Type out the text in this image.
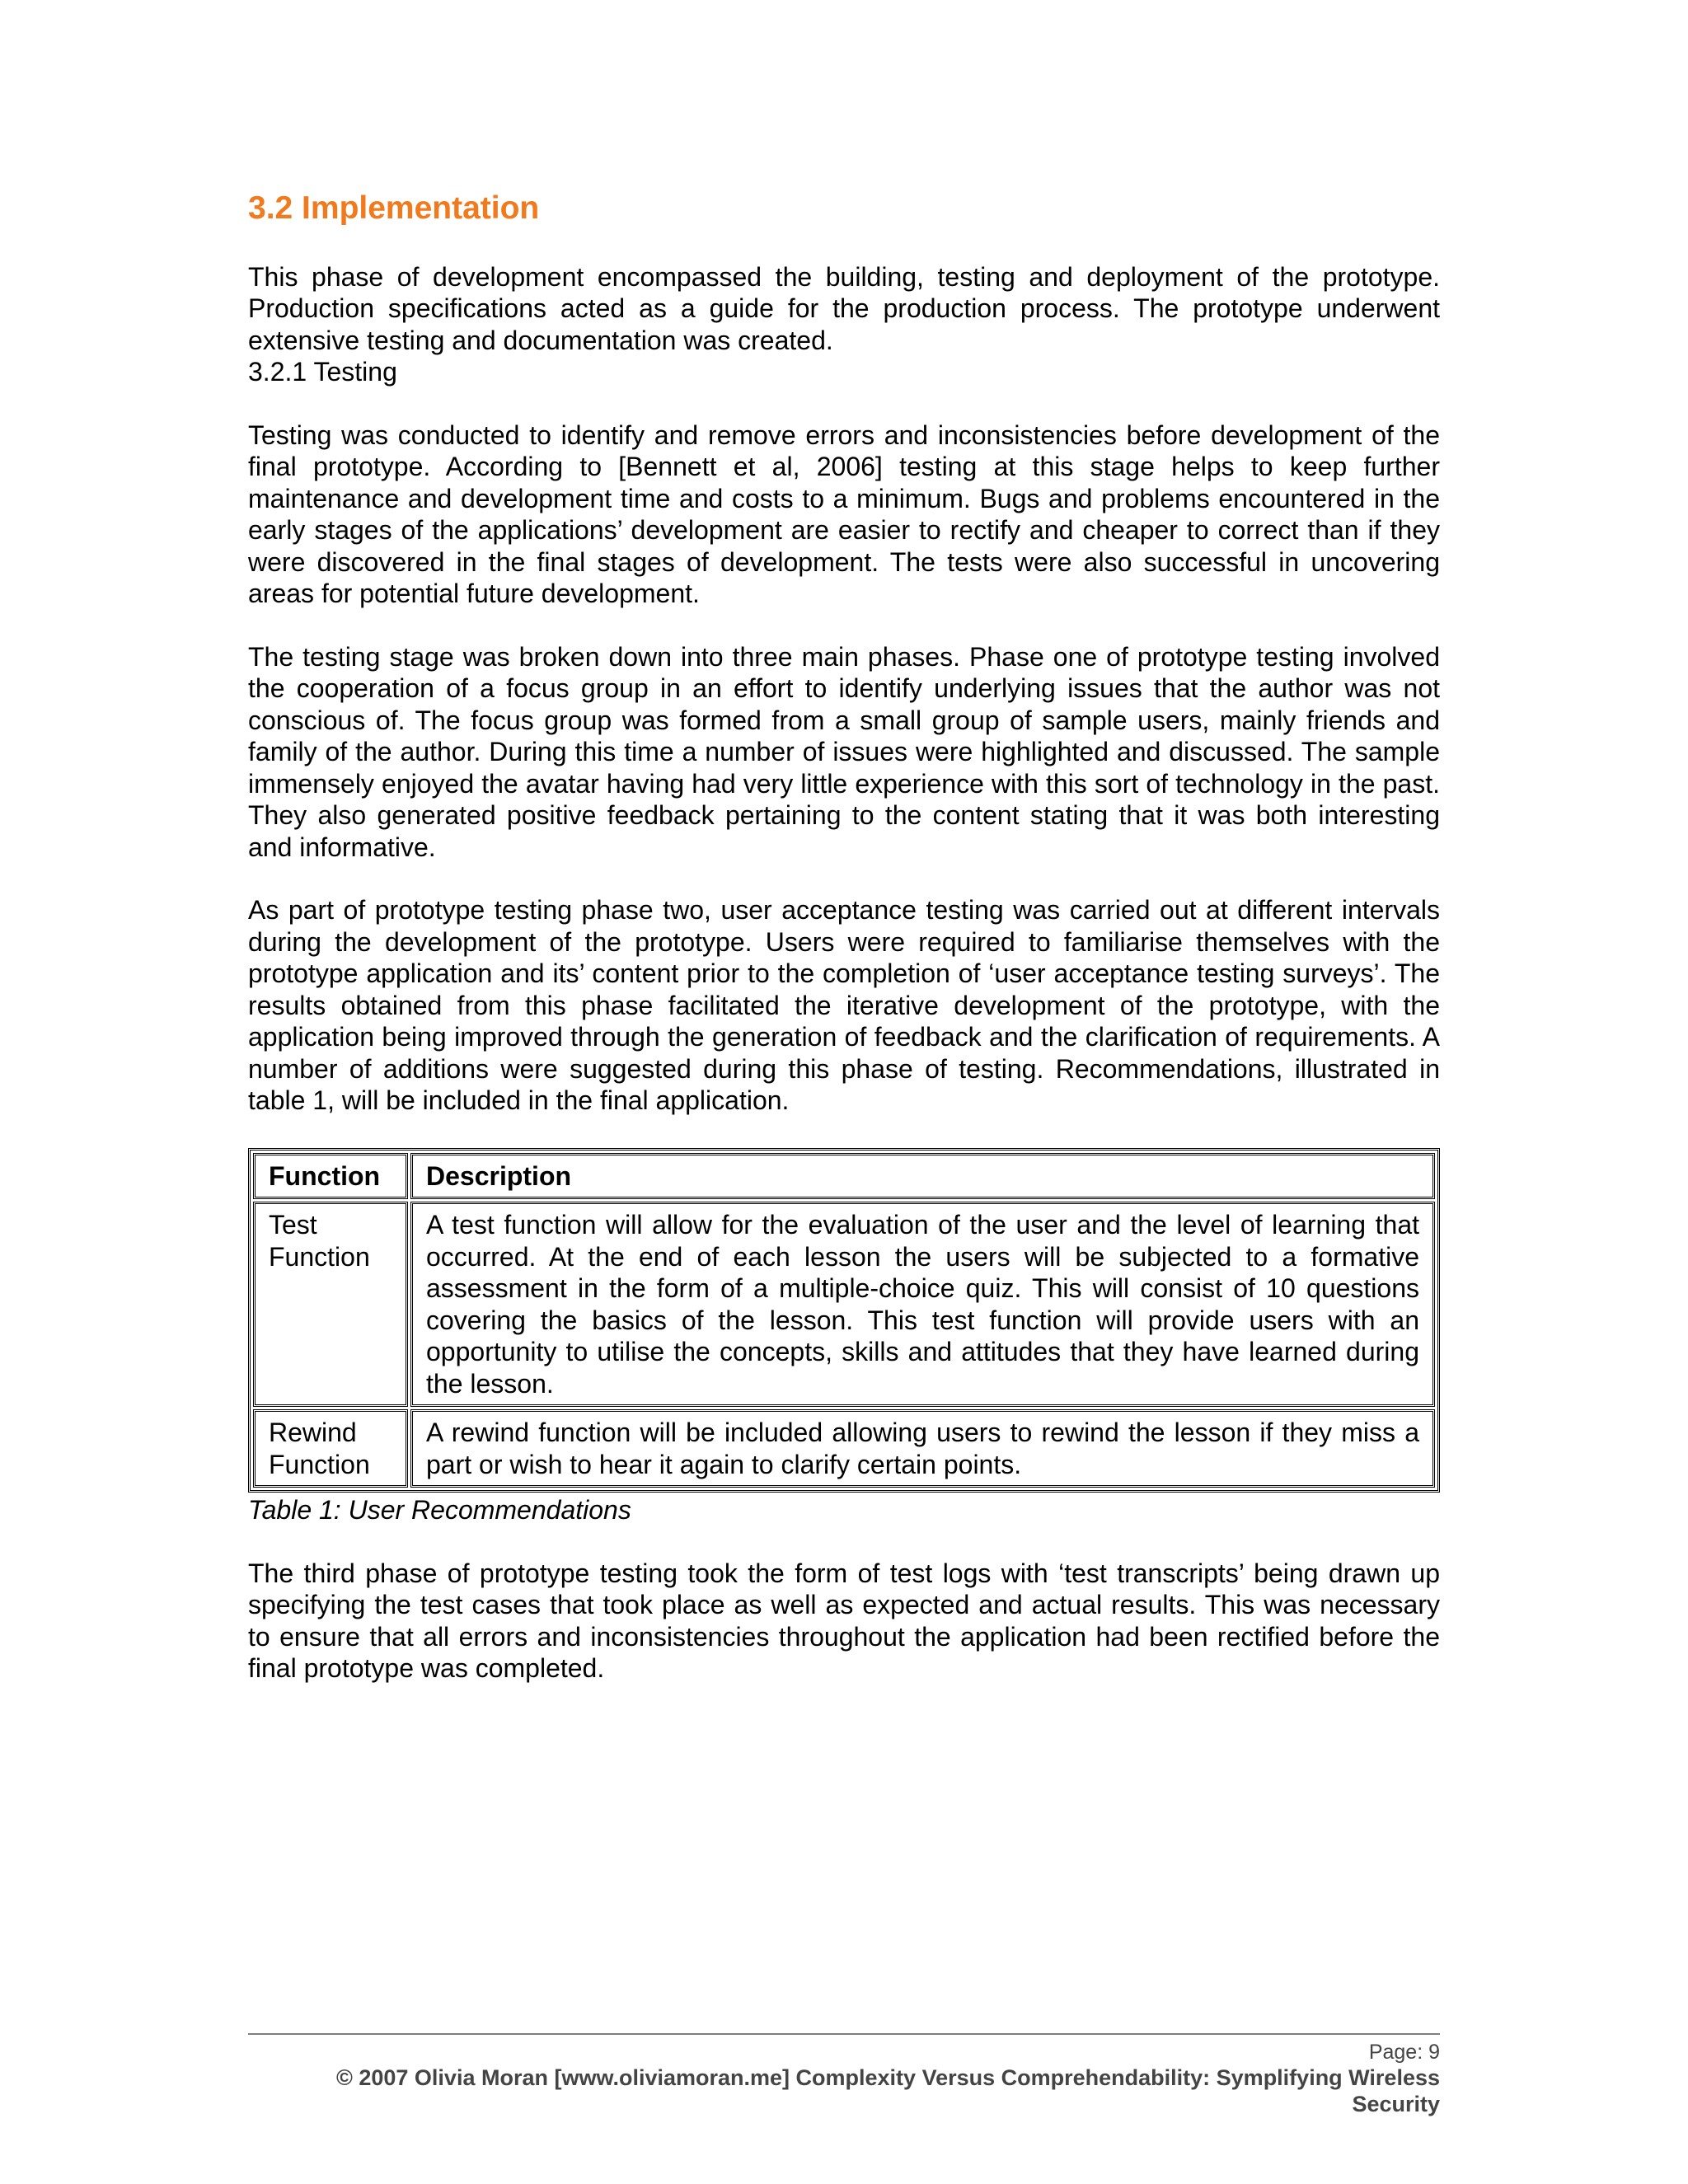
3.2 Implementation

This phase of development encompassed the building, testing and deployment of the prototype. Production specifications acted as a guide for the production process. The prototype underwent extensive testing and documentation was created.

3.2.1 Testing

Testing was conducted to identify and remove errors and inconsistencies before development of the final prototype. According to [Bennett et al, 2006] testing at this stage helps to keep further maintenance and development time and costs to a minimum. Bugs and problems encountered in the early stages of the applications’ development are easier to rectify and cheaper to correct than if they were discovered in the final stages of development. The tests were also successful in uncovering areas for potential future development.

The testing stage was broken down into three main phases. Phase one of prototype testing involved the cooperation of a focus group in an effort to identify underlying issues that the author was not conscious of. The focus group was formed from a small group of sample users, mainly friends and family of the author. During this time a number of issues were highlighted and discussed. The sample immensely enjoyed the avatar having had very little experience with this sort of technology in the past. They also generated positive feedback pertaining to the content stating that it was both interesting and informative.

As part of prototype testing phase two, user acceptance testing was carried out at different intervals during the development of the prototype. Users were required to familiarise themselves with the prototype application and its’ content prior to the completion of ‘user acceptance testing surveys’. The results obtained from this phase facilitated the iterative development of the prototype, with the application being improved through the generation of feedback and the clarification of requirements. A number of additions were suggested during this phase of testing. Recommendations, illustrated in table 1, will be included in the final application.

Function	Description
Test Function	A test function will allow for the evaluation of the user and the level of learning that occurred. At the end of each lesson the users will be subjected to a formative assessment in the form of a multiple-choice quiz. This will consist of 10 questions covering the basics of the lesson. This test function will provide users with an opportunity to utilise the concepts, skills and attitudes that they have learned during the lesson.
Rewind Function	A rewind function will be included allowing users to rewind the lesson if they miss a part or wish to hear it again to clarify certain points.
Table 1: User Recommendations

The third phase of prototype testing took the form of test logs with ‘test transcripts’ being drawn up specifying the test cases that took place as well as expected and actual results. This was necessary to ensure that all errors and inconsistencies throughout the application had been rectified before the final prototype was completed.

Page: 9
© 2007 Olivia Moran [www.oliviamoran.me] Complexity Versus Comprehendability: Symplifying Wireless Security
